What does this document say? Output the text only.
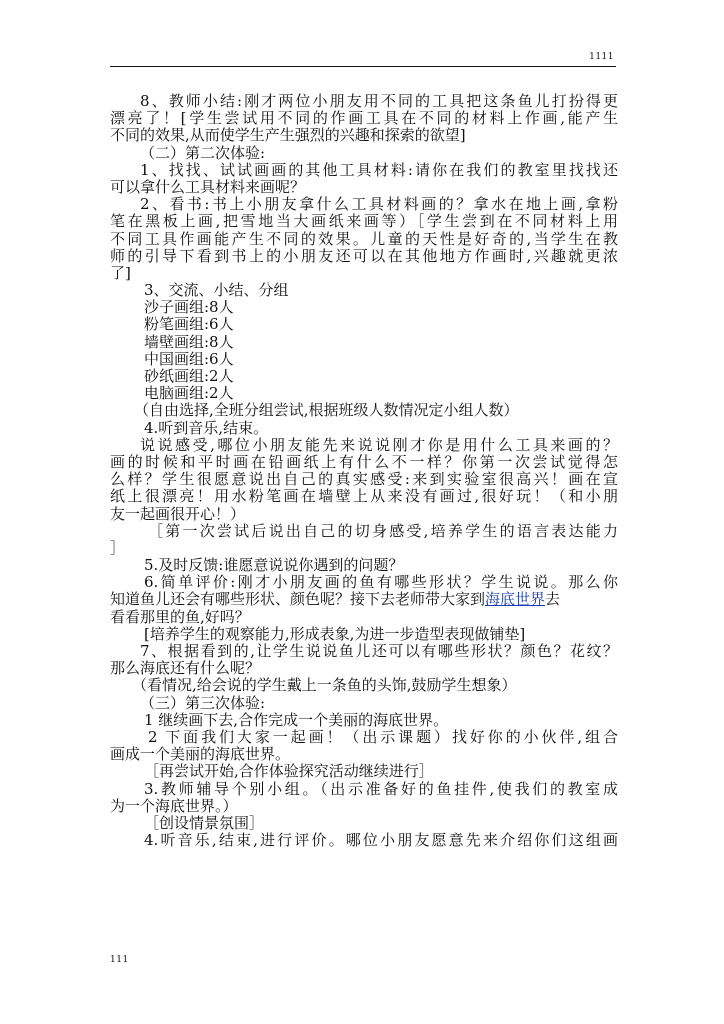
1111
8、教师小结:刚才两位小朋友用不同的工具把这条鱼儿打扮得更
漂亮了！[学生尝试用不同的作画工具在不同的材料上作画,能产生
不同的效果,从而使学生产生强烈的兴趣和探索的欲望]
（二）第二次体验:
1、找找、试试画画的其他工具材料:请你在我们的教室里找找还
可以拿什么工具材料来画呢？
2、看书:书上小朋友拿什么工具材料画的？拿水在地上画,拿粉
笔在黑板上画,把雪地当大画纸来画等）［学生尝到在不同材料上用
不同工具作画能产生不同的效果。儿童的天性是好奇的,当学生在教
师的引导下看到书上的小朋友还可以在其他地方作画时,兴趣就更浓
了]
3、交流、小结、分组
沙子画组:8人
粉笔画组:6人
墙壁画组:8人
中国画组:6人
砂纸画组:2人
电脑画组:2人
（自由选择,全班分组尝试,根据班级人数情况定小组人数）
4.听到音乐,结束。
说说感受,哪位小朋友能先来说说刚才你是用什么工具来画的？
画的时候和平时画在铅画纸上有什么不一样？你第一次尝试觉得怎
么样？学生很愿意说出自己的真实感受:来到实验室很高兴！画在宣
纸上很漂亮！用水粉笔画在墙壁上从来没有画过,很好玩！（和小朋
友一起画很开心！）
［第一次尝试后说出自己的切身感受,培养学生的语言表达能力
］
5.及时反馈:谁愿意说说你遇到的问题？
6.简单评价:刚才小朋友画的鱼有哪些形状？学生说说。那么你
知道鱼儿还会有哪些形状、颜色呢？接下去老师带大家到海底世界去
看看那里的鱼,好吗？
[培养学生的观察能力,形成表象,为进一步造型表现做铺垫]
7、根据看到的,让学生说说鱼儿还可以有哪些形状？颜色？花纹？
那么海底还有什么呢？
（看情况,给会说的学生戴上一条鱼的头饰,鼓励学生想象）
（三）第三次体验:
1 继续画下去,合作完成一个美丽的海底世界。
2 下面我们大家一起画！（出示课题）找好你的小伙伴,组合
画成一个美丽的海底世界。
［再尝试开始,合作体验探究活动继续进行］
3.教师辅导个别小组。（出示准备好的鱼挂件,使我们的教室成
为一个海底世界。）
［创设情景氛围］
4.听音乐,结束,进行评价。哪位小朋友愿意先来介绍你们这组画
111
